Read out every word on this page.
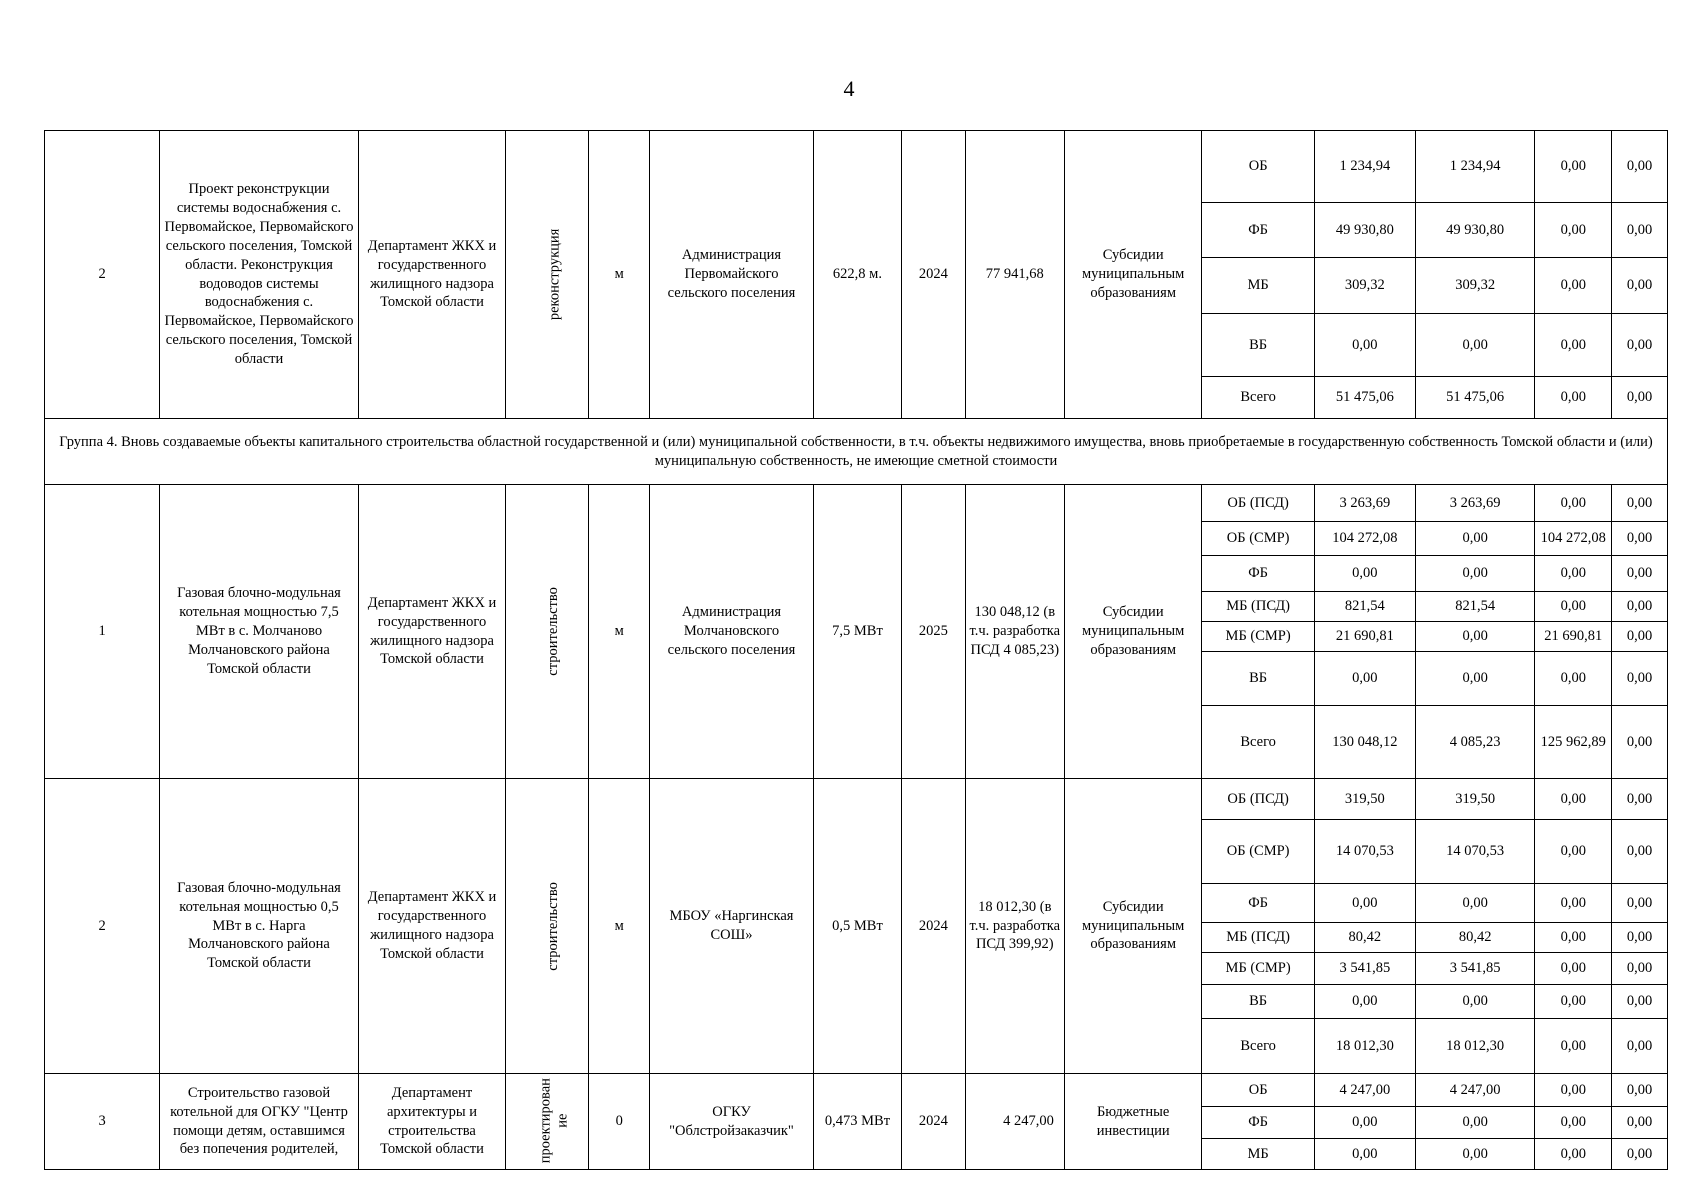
4
2	Проект реконструкции системы водоснабжения с. Первомайское, Первомайского сельского поселения, Томской области. Реконструкция водоводов системы водоснабжения с. Первомайское, Первомайского сельского поселения, Томской области	Департамент ЖКХ и государственного жилищного надзора Томской области	реконструкция	м	Администрация Первомайского сельского поселения	622,8 м.	2024	77 941,68	Субсидии муниципальным образованиям	ОБ	1 234,94	1 234,94	0,00	0,00
										ФБ	49 930,80	49 930,80	0,00	0,00
										МБ	309,32	309,32	0,00	0,00
										ВБ	0,00	0,00	0,00	0,00
										Всего	51 475,06	51 475,06	0,00	0,00
Группа 4. Вновь создаваемые объекты капитального строительства областной государственной и (или) муниципальной собственности, в т.ч. объекты недвижимого имущества, вновь приобретаемые в государственную собственность Томской области и (или) муниципальную собственность, не имеющие сметной стоимости														
1	Газовая блочно-модульная котельная мощностью 7,5 МВт в с. Молчаново Молчановского района Томской области	Департамент ЖКХ и государственного жилищного надзора Томской области	строительство	м	Администрация Молчановского сельского поселения	7,5 МВт	2025	130 048,12 (в т.ч. разработка ПСД 4 085,23)	Субсидии муниципальным образованиям	ОБ (ПСД)	3 263,69	3 263,69	0,00	0,00
										ОБ (СМР)	104 272,08	0,00	104 272,08	0,00
										ФБ	0,00	0,00	0,00	0,00
										МБ (ПСД)	821,54	821,54	0,00	0,00
										МБ (СМР)	21 690,81	0,00	21 690,81	0,00
										ВБ	0,00	0,00	0,00	0,00
										Всего	130 048,12	4 085,23	125 962,89	0,00
2	Газовая блочно-модульная котельная мощностью 0,5 МВт в с. Нарга Молчановского района Томской области	Департамент ЖКХ и государственного жилищного надзора Томской области	строительство	м	МБОУ «Наргинская СОШ»	0,5 МВт	2024	18 012,30 (в т.ч. разработка ПСД 399,92)	Субсидии муниципальным образованиям	ОБ (ПСД)	319,50	319,50	0,00	0,00
										ОБ (СМР)	14 070,53	14 070,53	0,00	0,00
										ФБ	0,00	0,00	0,00	0,00
										МБ (ПСД)	80,42	80,42	0,00	0,00
										МБ (СМР)	3 541,85	3 541,85	0,00	0,00
										ВБ	0,00	0,00	0,00	0,00
										Всего	18 012,30	18 012,30	0,00	0,00
3	Строительство газовой котельной для ОГКУ "Центр помощи детям, оставшимся без попечения родителей,	Департамент архитектуры и строительства Томской области	проектирован ие	0	ОГКУ "Облстройзаказчик"	0,473 МВт	2024	4 247,00	Бюджетные инвестиции	ОБ	4 247,00	4 247,00	0,00	0,00
										ФБ	0,00	0,00	0,00	0,00
										МБ	0,00	0,00	0,00	0,00
